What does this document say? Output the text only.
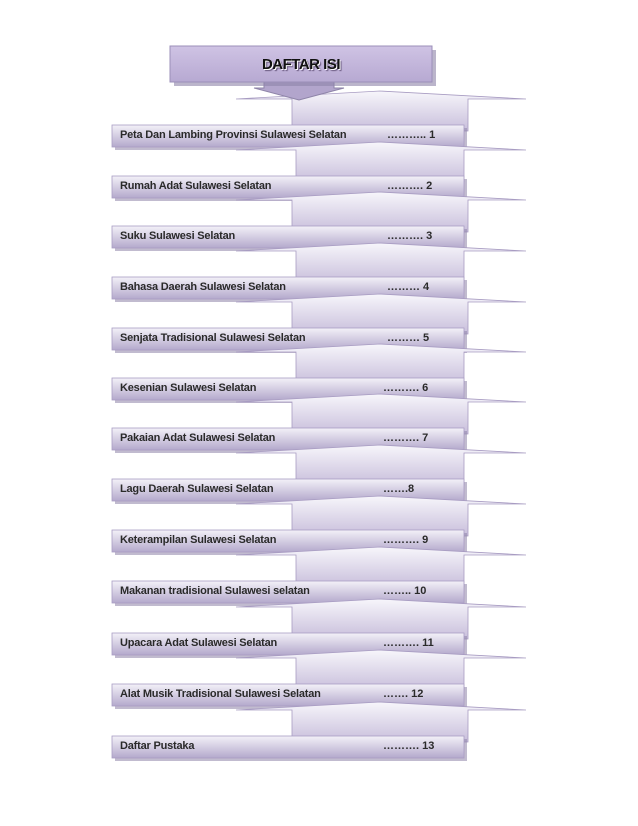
DAFTAR ISI
Peta Dan Lambing Provinsi Sulawesi Selatan	……….. 1
Rumah Adat Sulawesi Selatan	………. 2
Suku Sulawesi Selatan	………. 3
Bahasa Daerah Sulawesi Selatan	……… 4
Senjata Tradisional Sulawesi Selatan	……… 5
Kesenian Sulawesi Selatan	………. 6
Pakaian Adat Sulawesi Selatan	………. 7
Lagu Daerah Sulawesi Selatan	…….8
Keterampilan Sulawesi Selatan	………. 9
Makanan tradisional Sulawesi selatan	…….. 10
Upacara Adat Sulawesi Selatan	………. 11
Alat Musik Tradisional Sulawesi Selatan	……. 12
Daftar Pustaka	………. 13
